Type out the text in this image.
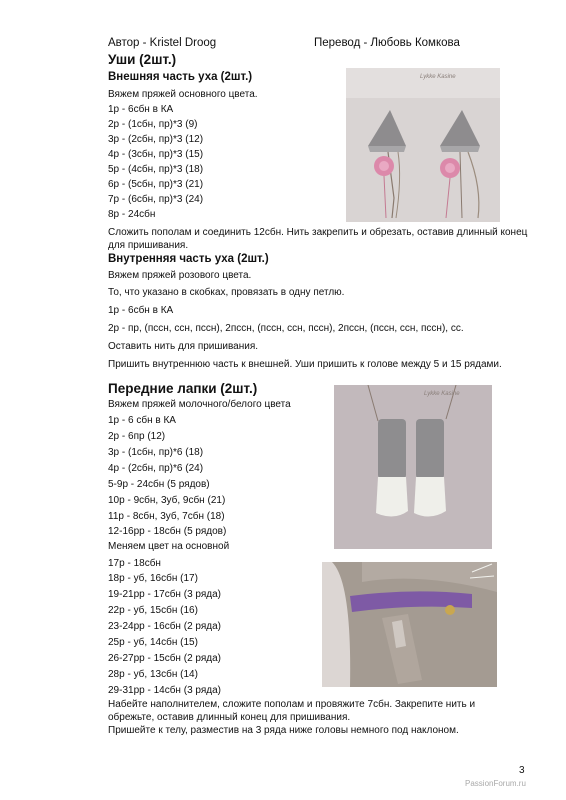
Автор - Kristel Droog	Перевод - Любовь Комкова
Уши (2шт.)
Внешняя часть уха (2шт.)
Вяжем пряжей основного цвета.
1р - 6сбн в КА
2р - (1сбн, пр)*3 (9)
3р - (2сбн, пр)*3 (12)
4р - (3сбн, пр)*3 (15)
5р - (4сбн, пр)*3 (18)
6р - (5сбн, пр)*3 (21)
7р - (6сбн, пр)*3 (24)
8р - 24сбн
Сложить пополам и соединить 12сбн. Нить закрепить и обрезать, оставив длинный конец для пришивания.
Внутренняя часть уха (2шт.)
Вяжем пряжей розового цвета.
То, что указано в скобках, провязать в одну петлю.
1р - 6сбн в КА
2р - пр, (пссн, ссн, пссн), 2пссн, (пссн, ссн, пссн), 2пссн, (пссн, ссн, пссн), сс.
Оставить нить для пришивания.
Пришить внутреннюю часть к внешней. Уши пришить к голове между 5 и 15 рядами.
Lykke Kasine
Передние лапки (2шт.)
Вяжем пряжей молочного/белого цвета
1р - 6 сбн в КА
2р - 6пр (12)
3р - (1сбн, пр)*6 (18)
4р - (2сбн, пр)*6 (24)
5-9р - 24сбн (5 рядов)
10р - 9сбн, 3уб, 9сбн (21)
11р - 8сбн, 3уб, 7сбн (18)
12-16рр - 18сбн (5 рядов)
Меняем цвет на основной
17р - 18сбн
18р - уб, 16сбн (17)
19-21рр - 17сбн (3 ряда)
22р - уб, 15сбн (16)
23-24рр - 16сбн (2 ряда)
25р - уб, 14сбн (15)
26-27рр - 15сбн (2 ряда)
28р - уб, 13сбн (14)
29-31рр - 14сбн (3 ряда)
Набейте наполнителем, сложите пополам и провяжите 7сбн. Закрепите нить и обрежьте, оставив длинный конец для пришивания.
Пришейте к телу, разместив на 3 ряда ниже головы немного под наклоном.
Lykke Kasine
3
PassionForum.ru
